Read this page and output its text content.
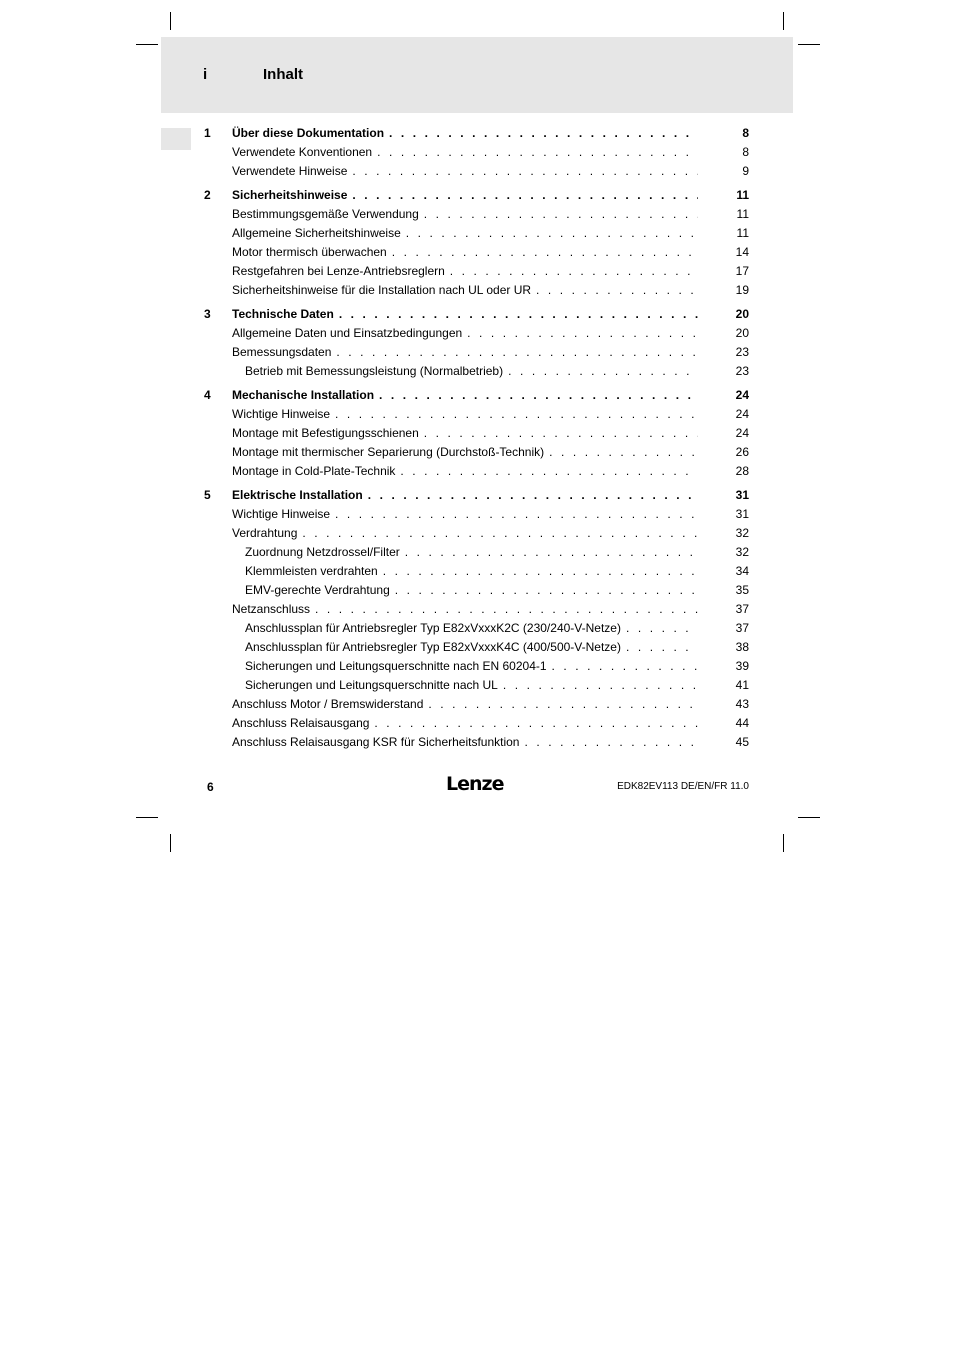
i	Inhalt
1 Über diese Dokumentation . . .	8
Verwendete Konventionen . . .	8
Verwendete Hinweise . . .	9
2 Sicherheitshinweise . . .	11
Bestimmungsgemäße Verwendung . . .	11
Allgemeine Sicherheitshinweise . . .	11
Motor thermisch überwachen . . .	14
Restgefahren bei Lenze-Antriebsreglern . . .	17
Sicherheitshinweise für die Installation nach UL oder UR . . .	19
3 Technische Daten . . .	20
Allgemeine Daten und Einsatzbedingungen . . .	20
Bemessungsdaten . . .	23
Betrieb mit Bemessungsleistung (Normalbetrieb) . . .	23
4 Mechanische Installation . . .	24
Wichtige Hinweise . . .	24
Montage mit Befestigungsschienen . . .	24
Montage mit thermischer Separierung (Durchstoß-Technik) . . .	26
Montage in Cold-Plate-Technik . . .	28
5 Elektrische Installation . . .	31
Wichtige Hinweise . . .	31
Verdrahtung . . .	32
Zuordnung Netzdrossel/Filter . . .	32
Klemmleisten verdrahten . . .	34
EMV-gerechte Verdrahtung . . .	35
Netzanschluss . . .	37
Anschlussplan für Antriebsregler Typ E82xVxxxK2C (230/240-V-Netze) . . .	37
Anschlussplan für Antriebsregler Typ E82xVxxxK4C (400/500-V-Netze) . . .	38
Sicherungen und Leitungsquerschnitte nach EN 60204-1 . . .	39
Sicherungen und Leitungsquerschnitte nach UL . . .	41
Anschluss Motor / Bremswiderstand . . .	43
Anschluss Relaisausgang . . .	44
Anschluss Relaisausgang KSR für Sicherheitsfunktion . . .	45
6	Lenze	EDK82EV113 DE/EN/FR 11.0
